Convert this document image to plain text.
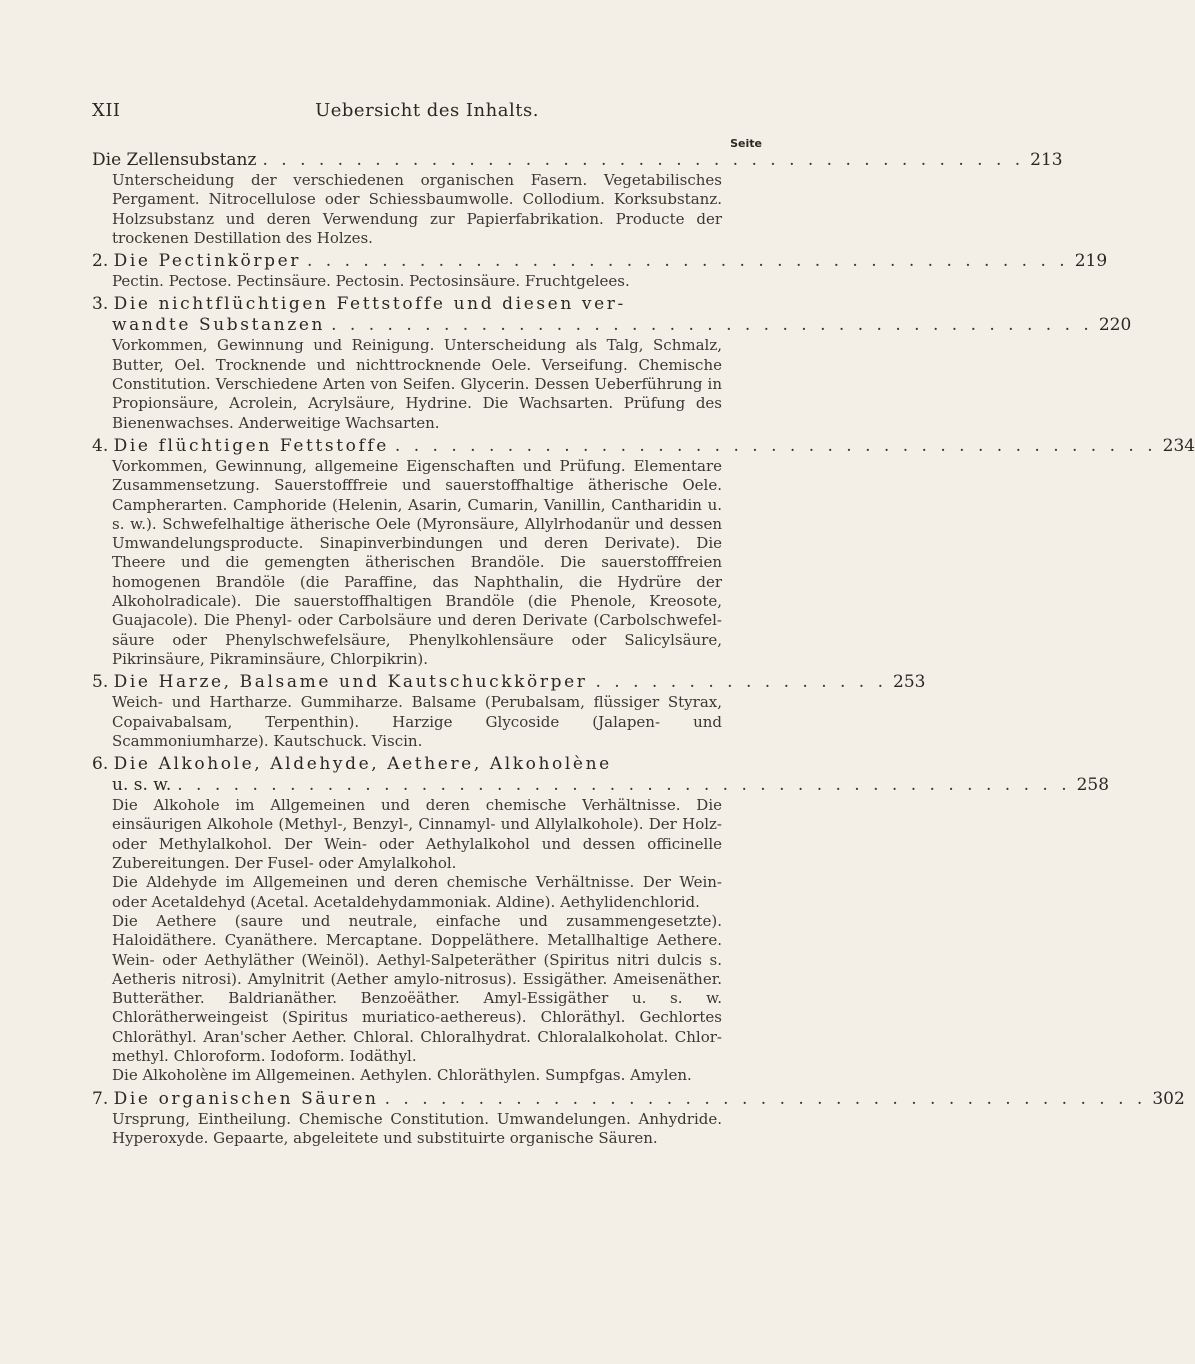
XII	Uebersicht des Inhalts.
Seite
Die Zellensubstanz . . . . . . . . . . . . . . . . . . . . . . . . . . . . . . . . . . . . . . . . . 213

Unterscheidung der verschiedenen organischen Fasern. Vegetabilisches Pergament. Nitrocellulose oder Schiessbaumwolle. Collodium. Korksubstanz. Holzsubstanz und deren Verwendung zur Papierfabrikation. Producte der trockenen Destillation des Holzes.

2. Die Pectinkörper . . . . . . . . . . . . . . . . . . . . . . . . . . . . . . . . . . . . . . . . . 219

Pectin. Pectose. Pectinsäure. Pectosin. Pectosinsäure. Fruchtgelees.

3. Die nichtflüchtigen Fettstoffe und diesen ver-
wandte Substanzen . . . . . . . . . . . . . . . . . . . . . . . . . . . . . . . . . . . . . . . . . 220

Vorkommen, Gewinnung und Reinigung. Unterscheidung als Talg, Schmalz, Butter, Oel. Trocknende und nichttrocknende Oele. Verseifung. Chemische Constitution. Verschiedene Arten von Seifen. Glycerin. Dessen Ueberführung in Propionsäure, Acrolein, Acrylsäure, Hydrine. Die Wachsarten. Prüfung des Bienenwachses. Anderweitige Wachsarten.

4. Die flüchtigen Fettstoffe . . . . . . . . . . . . . . . . . . . . . . . . . . . . . . . . . . . . . . . . . 234

Vorkommen, Gewinnung, allgemeine Eigenschaften und Prüfung. Elementare Zusammensetzung. Sauerstofffreie und sauerstoffhaltige ätherische Oele. Campherarten. Camphoride (Helenin, Asarin, Cumarin, Vanillin, Cantharidin u. s. w.). Schwefelhaltige ätherische Oele (Myronsäure, Allylrhodanür und dessen Umwandelungsproducte. Sinapinverbindungen und deren Derivate). Die Theere und die gemengten ätherischen Brandöle. Die sauerstofffreien homogenen Brandöle (die Paraffine, das Naphthalin, die Hydrüre der Alkoholradicale). Die sauerstoffhaltigen Brandöle (die Phenole, Kreosote, Guajacole). Die Phenyl- oder Carbolsäure und deren Derivate (Carbolschwefelsäure oder Phenylschwefelsäure, Phenylkohlensäure oder Salicylsäure, Pikrinsäure, Pikraminsäure, Chlorpikrin).

5. Die Harze, Balsame und Kautschuckkörper . . . . . . . . . . . . . . . . 253

Weich- und Hartharze. Gummiharze. Balsame (Perubalsam, flüssiger Styrax, Copaivabalsam, Terpenthin). Harzige Glycoside (Jalapen- und Scammoniumharze). Kautschuck. Viscin.

6. Die Alkohole, Aldehyde, Aethere, Alkoholène
u. s. w. . . . . . . . . . . . . . . . . . . . . . . . . . . . . . . . . . . . . . . . . . . . . . . . . 258

Die Alkohole im Allgemeinen und deren chemische Verhältnisse. Die einsäurigen Alkohole (Methyl-, Benzyl-, Cinnamyl- und Allylalkohole). Der Holz- oder Methylalkohol. Der Wein- oder Aethylalkohol und dessen officinelle Zubereitungen. Der Fusel- oder Amylalkohol.

Die Aldehyde im Allgemeinen und deren chemische Verhältnisse. Der Wein- oder Acetaldehyd (Acetal. Acetaldehydammoniak. Aldine). Aethylidenchlorid.

Die Aethere (saure und neutrale, einfache und zusammengesetzte). Haloidäthere. Cyanäthere. Mercaptane. Doppeläthere. Metallhaltige Aethere. Wein- oder Aethyläther (Weinöl). Aethyl-Salpeteräther (Spiritus nitri dulcis s. Aetheris nitrosi). Amylnitrit (Aether amylo-nitrosus). Essigäther. Ameisenäther. Butteräther. Baldrianäther. Benzoëäther. Amyl-Essigäther u. s. w. Chlorätherweingeist (Spiritus muriatico-aethereus). Chloräthyl. Gechlortes Chloräthyl. Aran'scher Aether. Chloral. Chloralhydrat. Chloralalkoholat. Chlormethyl. Chloroform. Iodoform. Iodäthyl.

Die Alkoholène im Allgemeinen. Aethylen. Chloräthylen. Sumpfgas. Amylen.

7. Die organischen Säuren . . . . . . . . . . . . . . . . . . . . . . . . . . . . . . . . . . . . . . . . . 302

Ursprung, Eintheilung. Chemische Constitution. Umwandelungen. Anhydride. Hyperoxyde. Gepaarte, abgeleitete und substituirte organische Säuren.
